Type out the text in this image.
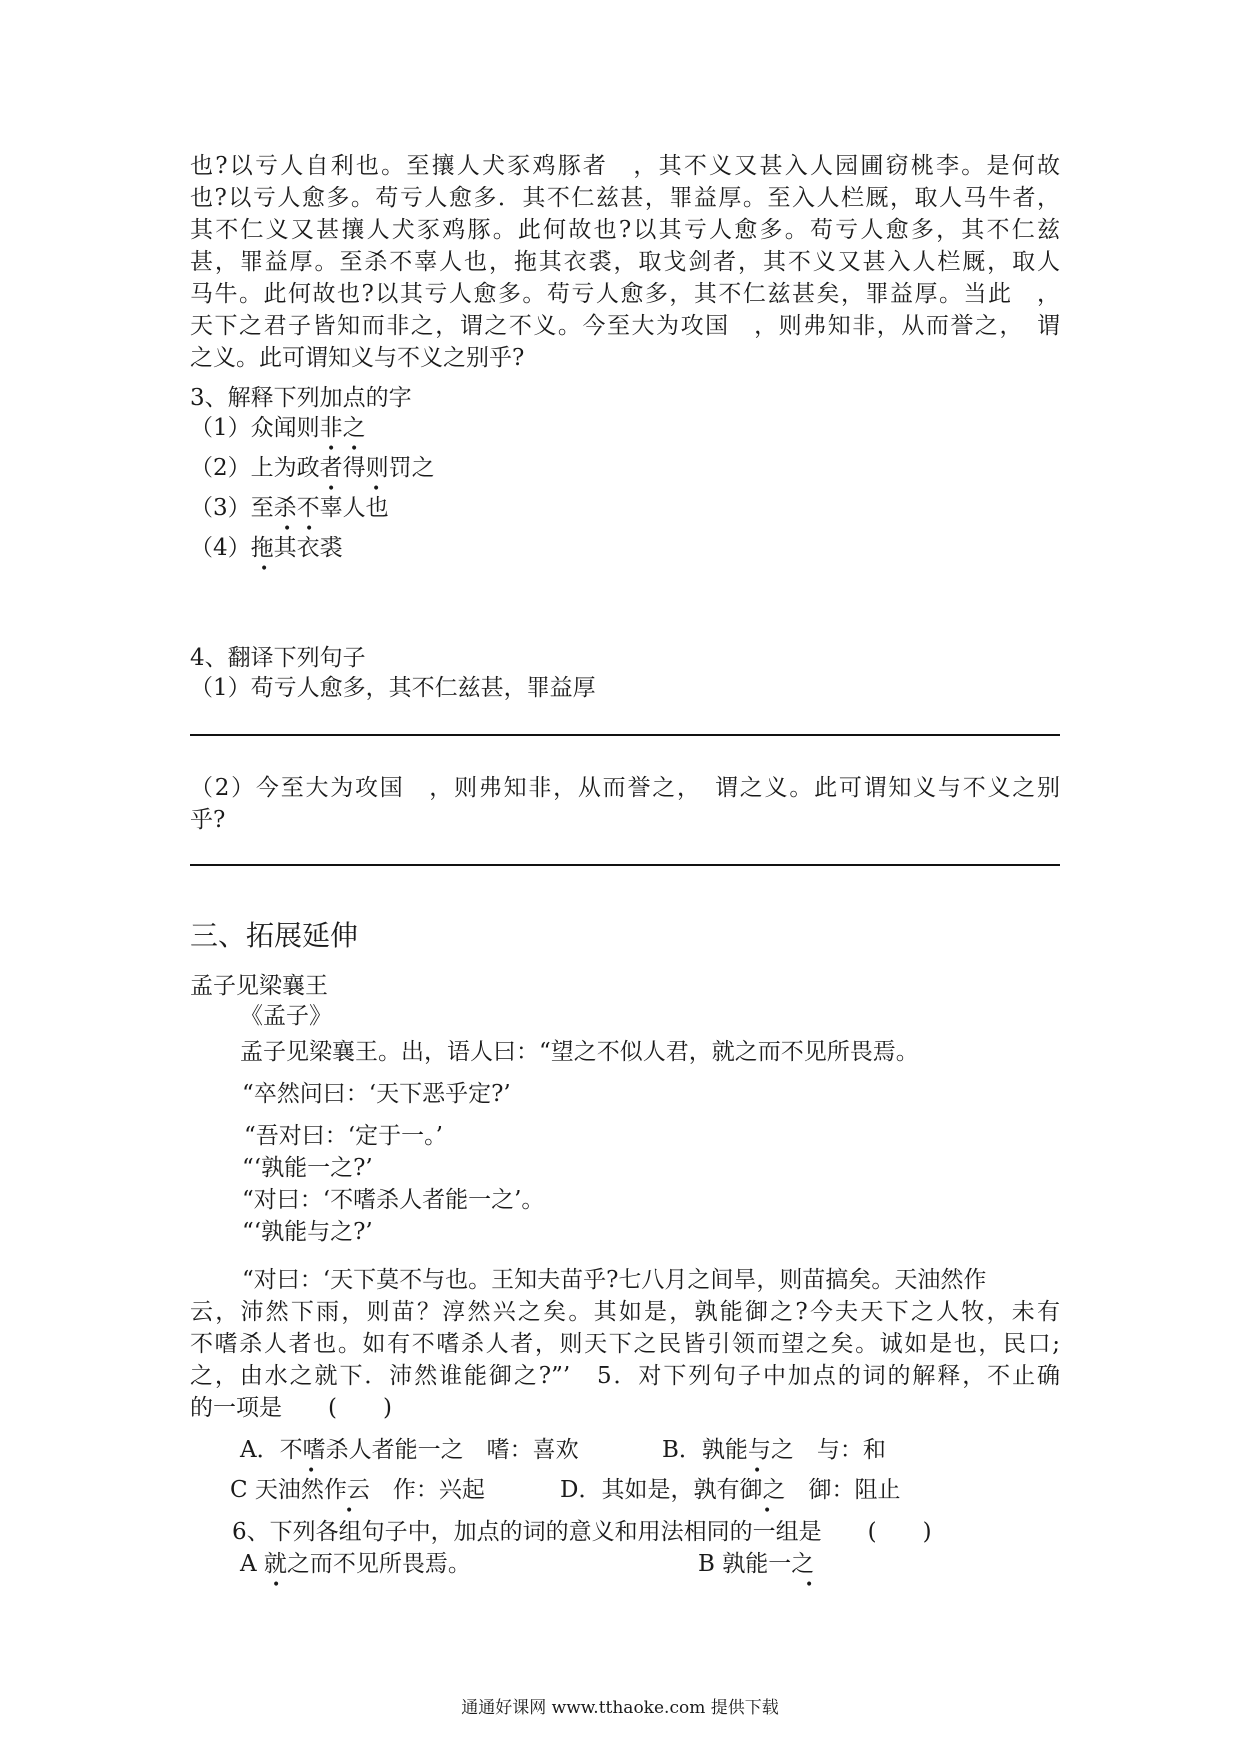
也?以亏人自利也。至攘人犬豕鸡豚者　，其不义又甚入人园圃窃桃李。是何故
也?以亏人愈多。苟亏人愈多．其不仁兹甚，罪益厚。至入人栏厩，取人马牛者，
其不仁义又甚攘人犬豕鸡豚。此何故也?以其亏人愈多。苟亏人愈多，其不仁兹
甚，罪益厚。至杀不辜人也，拖其衣裘，取戈剑者，其不义又甚入人栏厩，取人
马牛。此何故也?以其亏人愈多。苟亏人愈多，其不仁兹甚矣，罪益厚。当此　，
天下之君子皆知而非之，谓之不义。今至大为攻国　，则弗知非，从而誉之，　谓
之义。此可谓知义与不义之别乎?
3、解释下列加点的字
（1）众闻则非之
• •
（2）上为政者得则罚之
•	•
（3）至杀不辜人也
• •
（4）拖其衣裘
•
4、翻译下列句子
（1）苟亏人愈多，其不仁兹甚，罪益厚
（2）今至大为攻国　，则弗知非，从而誉之，　谓之义。此可谓知义与不义之别
乎?
三、拓展延伸
孟子见梁襄王
《孟子》
孟子见梁襄王。出，语人曰：“望之不似人君，就之而不见所畏焉。
“卒然问曰：‘天下恶乎定?’
“吾对曰：‘定于一。’
“‘孰能一之?’
“对曰：‘不嗜杀人者能一之’。
“‘孰能与之?’
“对曰：‘天下莫不与也。王知夫苗乎?七八月之间旱，则苗搞矣。天油然作
云，沛然下雨，则苗？淳然兴之矣。其如是，孰能御之?今夫天下之人牧，未有
不嗜杀人者也。如有不嗜杀人者，则天下之民皆引领而望之矣。诚如是也，民口;
之，由水之就下．沛然谁能御之?”’　5．对下列句子中加点的词的解释，不止确
的一项是　　(　　)
A．不嗜杀人者能一之　嗜：喜欢
•
B．孰能与之　与：和
•
C 天油然作云　作：兴起
•
D．其如是，孰有御之　御：阻止
•
6、下列各组句子中，加点的词的意义和用法相同的一组是　　(　　)
A 就之而不见所畏焉。
•
B 孰能一之
•
通通好课网 www.tthaoke.com 提供下载
